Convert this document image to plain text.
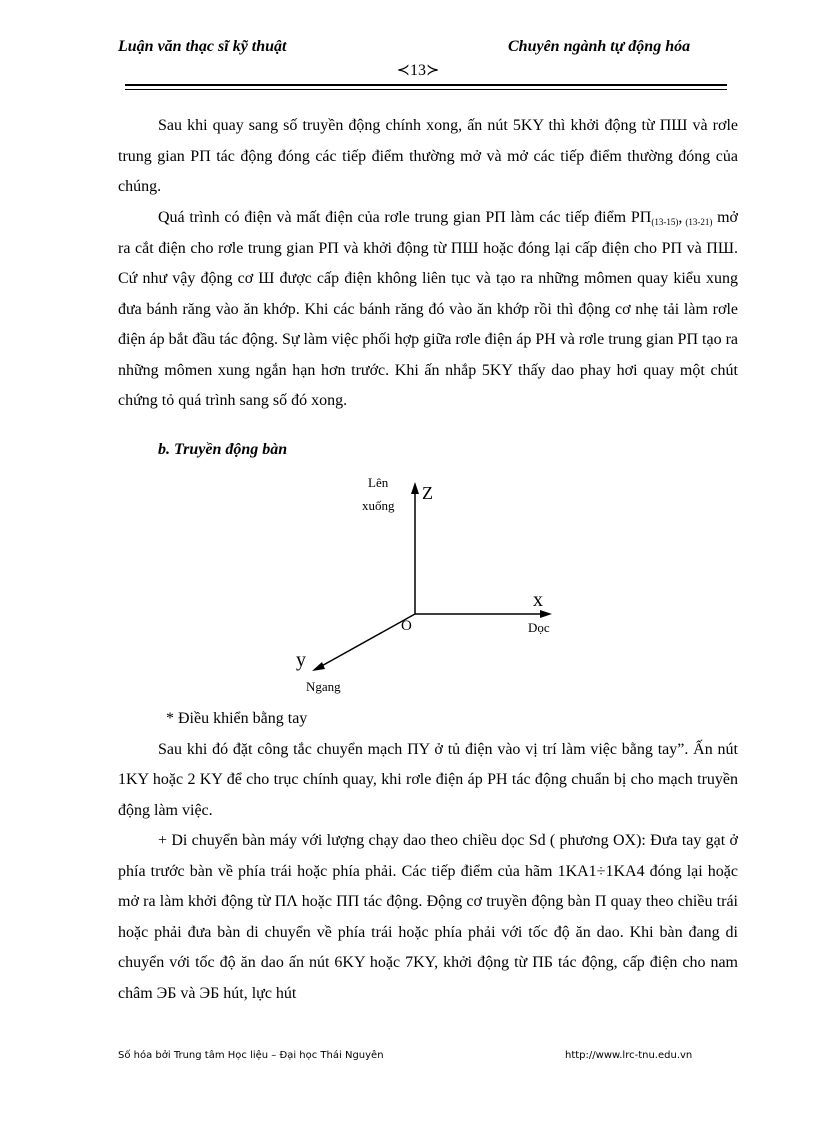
Luận văn thạc sĩ kỹ thuật	Chuyên ngành tự động hóa
≺13≻

Sau khi quay sang số truyền động chính xong, ấn nút 5KY thì khởi động từ ПШ và rơle trung gian PП tác động đóng các tiếp điểm thường mở và mở các tiếp điểm thường đóng của chúng.

Quá trình có điện và mất điện của rơle trung gian PП làm các tiếp điểm $PП_{(13-15)}$, $_{(13-21)}$ mở ra cắt điện cho rơle trung gian PП và khởi động từ ПШ hoặc đóng lại cấp điện cho PП và ПШ. Cứ như vậy động cơ Ш được cấp điện không liên tục và tạo ra những mômen quay kiểu xung đưa bánh răng vào ăn khớp. Khi các bánh răng đó vào ăn khớp rồi thì động cơ nhẹ tải làm rơle điện áp bắt đầu tác động. Sự làm việc phối hợp giữa rơle điện áp PH và rơle trung gian PП tạo ra những mômen xung ngắn hạn hơn trước. Khi ấn nhắp 5KY thấy dao phay hơi quay một chút chứng tỏ quá trình sang số đó xong.

b. Truyền động bàn
Lên
xuống
Z
x
Dọc
O
y
Ngang
* Điều khiển bằng tay

Sau khi đó đặt công tắc chuyển mạch ПY ở tủ điện vào vị trí làm việc bằng tay”. Ấn nút 1KY hoặc 2 KY để cho trục chính quay, khi rơle điện áp PH tác động chuẩn bị cho mạch truyền động làm việc.

+ Di chuyển bàn máy với lượng chạy dao theo chiều dọc Sd ( phương OX): Đưa tay gạt ở phía trước bàn về phía trái hoặc phía phải. Các tiếp điểm của hãm 1KA1÷1KA4 đóng lại hoặc mở ra làm khởi động từ ПΛ hoặc ПП tác động. Động cơ truyền động bàn П quay theo chiều trái hoặc phải đưa bàn di chuyển về phía trái hoặc phía phải với tốc độ ăn dao. Khi bàn đang di chuyển với tốc độ ăn dao ấn nút 6KY hoặc 7KY, khởi động từ ПБ tác động, cấp điện cho nam châm ЭБ và ЭБ hút, lực hút

Số hóa bởi Trung tâm Học liệu – Đại học Thái Nguyên	http://www.lrc-tnu.edu.vn
